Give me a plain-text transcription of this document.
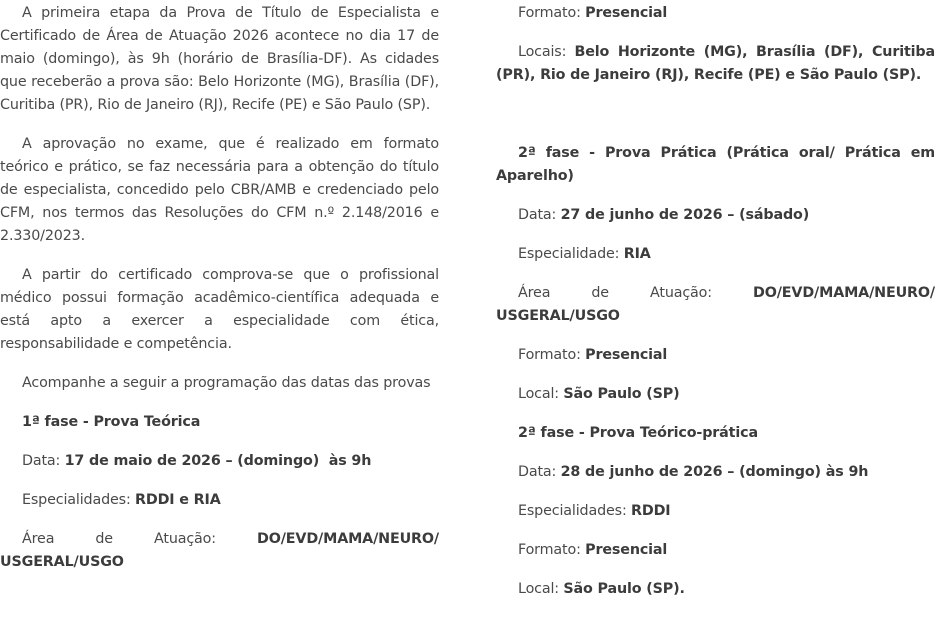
A primeira etapa da Prova de Título de Especialista e Certificado de Área de Atuação 2026 acontece no dia 17 de maio (domingo), às 9h (horário de Brasília-DF). As cidades que receberão a prova são: Belo Horizonte (MG), Brasília (DF), Curitiba (PR), Rio de Janeiro (RJ), Recife (PE) e São Paulo (SP).

A aprovação no exame, que é realizado em formato teórico e prático, se faz necessária para a obtenção do título de especialista, concedido pelo CBR/AMB e credenciado pelo CFM, nos termos das Resoluções do CFM n.º 2.148/2016 e 2.330/2023.

A partir do certificado comprova-se que o profissional médico possui formação acadêmico-científica adequada e está apto a exercer a especialidade com ética, responsabilidade e competência.

Acompanhe a seguir a programação das datas das provas

1ª fase - Prova Teórica

Data: 17 de maio de 2026 – (domingo)  às 9h

Especialidades: RDDI e RIA

Área de Atuação: DO/EVD/MAMA/NEURO/ USGERAL/USGO

Formato: Presencial

Locais: Belo Horizonte (MG), Brasília (DF), Curitiba (PR), Rio de Janeiro (RJ), Recife (PE) e São Paulo (SP).

2ª fase - Prova Prática (Prática oral/ Prática em Aparelho)

Data: 27 de junho de 2026 – (sábado)

Especialidade: RIA

Área de Atuação: DO/EVD/MAMA/NEURO/ USGERAL/USGO

Formato: Presencial

Local: São Paulo (SP)

2ª fase - Prova Teórico-prática

Data: 28 de junho de 2026 – (domingo) às 9h

Especialidades: RDDI

Formato: Presencial

Local: São Paulo (SP).
